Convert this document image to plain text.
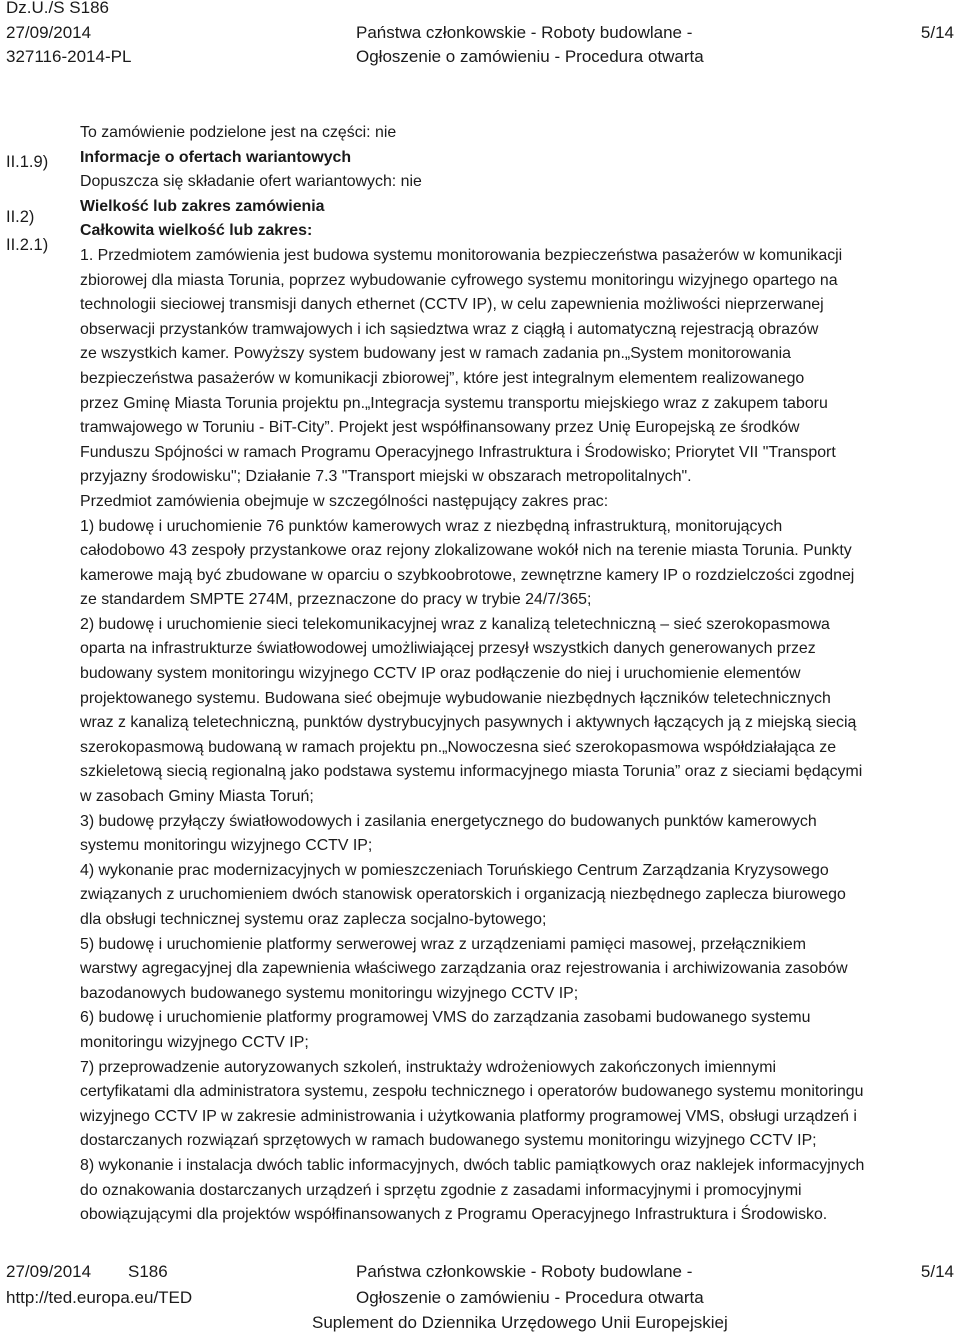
Dz.U./S S186
27/09/2014
327116-2014-PL
Państwa członkowskie - Roboty budowlane -
Ogłoszenie o zamówieniu - Procedura otwarta
5/14
II.1.9)
II.2)
II.2.1)

To zamówienie podzielone jest na części: nie

Informacje o ofertach wariantowych

Dopuszcza się składanie ofert wariantowych: nie

Wielkość lub zakres zamówienia

Całkowita wielkość lub zakres:

1. Przedmiotem zamówienia jest budowa systemu monitorowania bezpieczeństwa pasażerów w komunikacji

zbiorowej dla miasta Torunia, poprzez wybudowanie cyfrowego systemu monitoringu wizyjnego opartego na

technologii sieciowej transmisji danych ethernet (CCTV IP), w celu zapewnienia możliwości nieprzerwanej

obserwacji przystanków tramwajowych i ich sąsiedztwa wraz z ciągłą i automatyczną rejestracją obrazów

ze wszystkich kamer. Powyższy system budowany jest w ramach zadania pn.„System monitorowania

bezpieczeństwa pasażerów w komunikacji zbiorowej”, które jest integralnym elementem realizowanego

przez Gminę Miasta Torunia projektu pn.„Integracja systemu transportu miejskiego wraz z zakupem taboru

tramwajowego w Toruniu - BiT-City”. Projekt jest współfinansowany przez Unię Europejską ze środków

Funduszu Spójności w ramach Programu Operacyjnego Infrastruktura i Środowisko; Priorytet VII "Transport

przyjazny środowisku"; Działanie 7.3 "Transport miejski w obszarach metropolitalnych".

Przedmiot zamówienia obejmuje w szczególności następujący zakres prac:

1) budowę i uruchomienie 76 punktów kamerowych wraz z niezbędną infrastrukturą, monitorujących

całodobowo 43 zespoły przystankowe oraz rejony zlokalizowane wokół nich na terenie miasta Torunia. Punkty

kamerowe mają być zbudowane w oparciu o szybkoobrotowe, zewnętrzne kamery IP o rozdzielczości zgodnej

ze standardem SMPTE 274M, przeznaczone do pracy w trybie 24/7/365;

2) budowę i uruchomienie sieci telekomunikacyjnej wraz z kanalizą teletechniczną – sieć szerokopasmowa

oparta na infrastrukturze światłowodowej umożliwiającej przesył wszystkich danych generowanych przez

budowany system monitoringu wizyjnego CCTV IP oraz podłączenie do niej i uruchomienie elementów

projektowanego systemu. Budowana sieć obejmuje wybudowanie niezbędnych łączników teletechnicznych

wraz z kanalizą teletechniczną, punktów dystrybucyjnych pasywnych i aktywnych łączących ją z miejską siecią

szerokopasmową budowaną w ramach projektu pn.„Nowoczesna sieć szerokopasmowa współdziałająca ze

szkieletową siecią regionalną jako podstawa systemu informacyjnego miasta Torunia” oraz z sieciami będącymi

w zasobach Gminy Miasta Toruń;

3) budowę przyłączy światłowodowych i zasilania energetycznego do budowanych punktów kamerowych

systemu monitoringu wizyjnego CCTV IP;

4) wykonanie prac modernizacyjnych w pomieszczeniach Toruńskiego Centrum Zarządzania Kryzysowego

związanych z uruchomieniem dwóch stanowisk operatorskich i organizacją niezbędnego zaplecza biurowego

dla obsługi technicznej systemu oraz zaplecza socjalno-bytowego;

5) budowę i uruchomienie platformy serwerowej wraz z urządzeniami pamięci masowej, przełącznikiem

warstwy agregacyjnej dla zapewnienia właściwego zarządzania oraz rejestrowania i archiwizowania zasobów

bazodanowych budowanego systemu monitoringu wizyjnego CCTV IP;

6) budowę i uruchomienie platformy programowej VMS do zarządzania zasobami budowanego systemu

monitoringu wizyjnego CCTV IP;

7) przeprowadzenie autoryzowanych szkoleń, instruktaży wdrożeniowych zakończonych imiennymi

certyfikatami dla administratora systemu, zespołu technicznego i operatorów budowanego systemu monitoringu

wizyjnego CCTV IP w zakresie administrowania i użytkowania platformy programowej VMS, obsługi urządzeń i

dostarczanych rozwiązań sprzętowych w ramach budowanego systemu monitoringu wizyjnego CCTV IP;

8) wykonanie i instalacja dwóch tablic informacyjnych, dwóch tablic pamiątkowych oraz naklejek informacyjnych

do oznakowania dostarczanych urządzeń i sprzętu zgodnie z zasadami informacyjnymi i promocyjnymi

obowiązującymi dla projektów współfinansowanych z Programu Operacyjnego Infrastruktura i Środowisko.

27/09/2014 S186
http://ted.europa.eu/TED
Państwa członkowskie - Roboty budowlane -
Ogłoszenie o zamówieniu - Procedura otwarta
Suplement do Dziennika Urzędowego Unii Europejskiej
5/14
